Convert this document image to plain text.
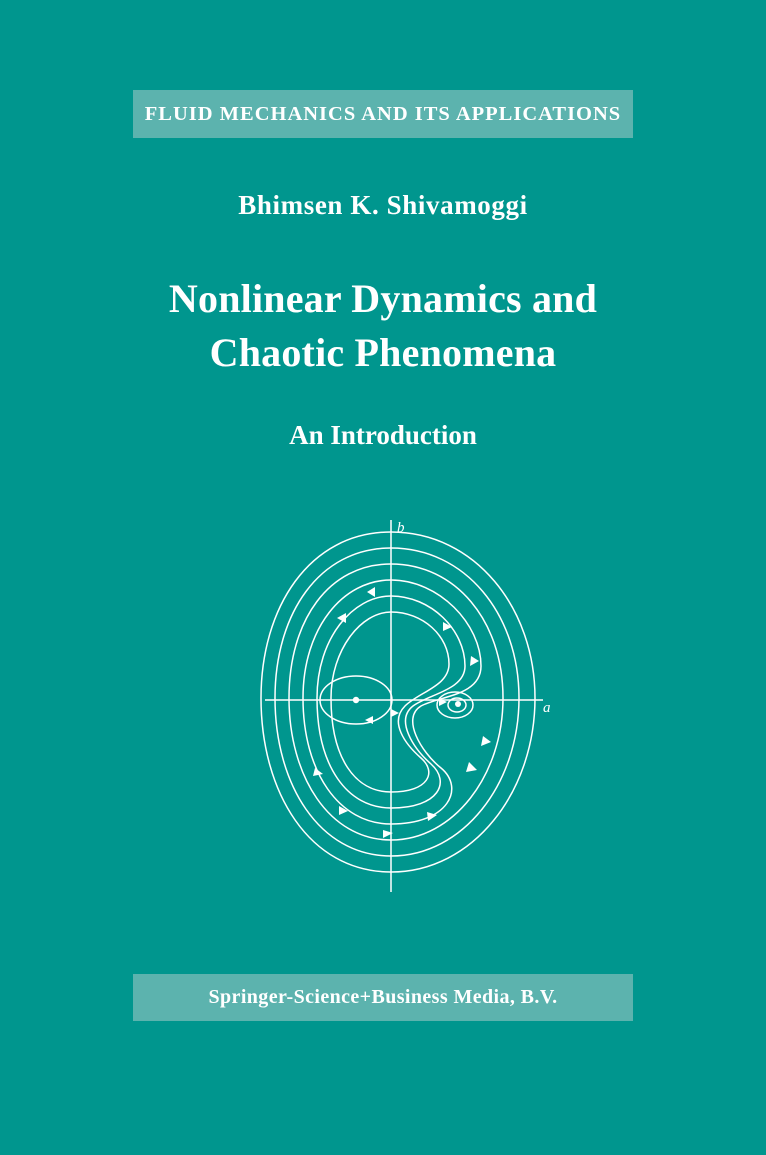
FLUID MECHANICS AND ITS APPLICATIONS
Bhimsen K. Shivamoggi
Nonlinear Dynamics and
Chaotic Phenomena
An Introduction
b
a
Springer-Science+Business Media, B.V.
